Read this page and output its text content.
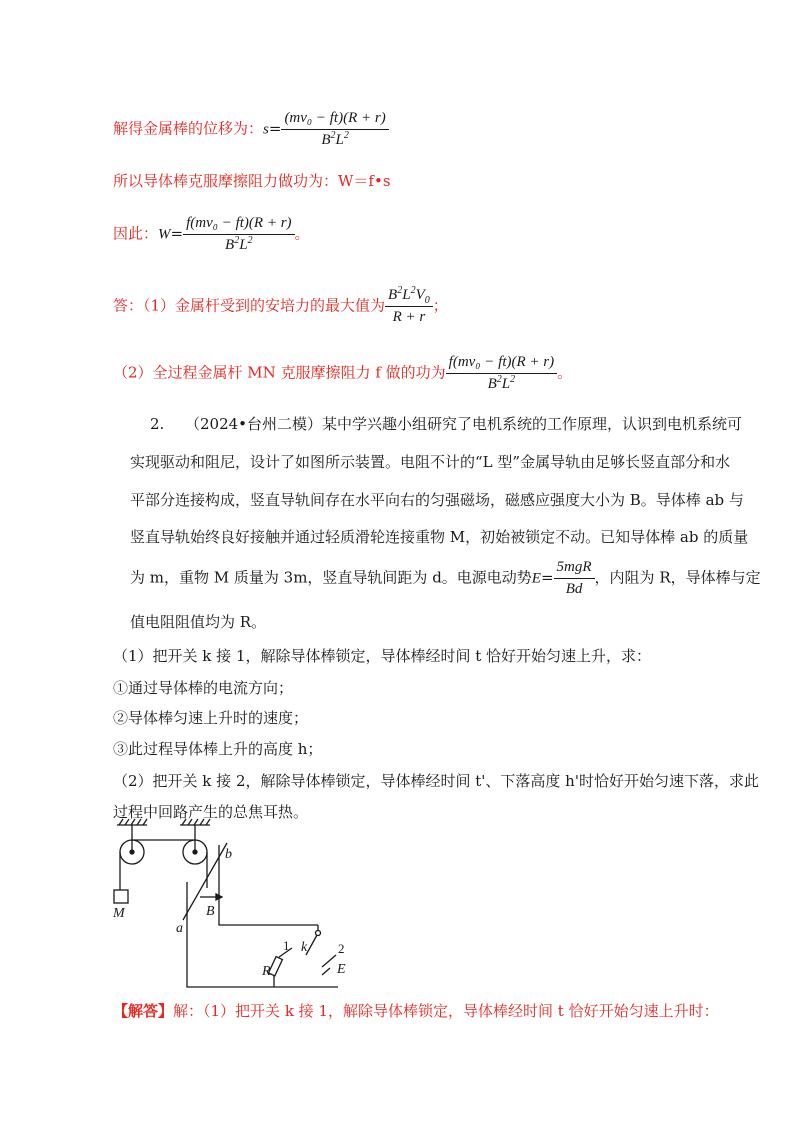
解得金属棒的位移为：$s= \frac{\text{(mv₀ − ft)(R + r)}}{B^2L^2}$
所以导体棒克服摩擦阻力做功为：W＝f•s
因此：$W= \frac{\text{f(mv₀ − ft)(R + r)}}{B^2L^2}$ 。
答：（1）金属杆受到的安培力的最大值为 $\frac{B^2L^2V_0}{R + r}$ ；
（2）全过程金属杆 MN 克服摩擦阻力 f 做的功为 $\frac{\text{f(mv₀ − ft)(R + r)}}{B^2L^2}$ 。
2. （2024•台州二模）某中学兴趣小组研究了电机系统的工作原理，认识到电机系统可
实现驱动和阻尼，设计了如图所示装置。电阻不计的“L 型”金属导轨由足够长竖直部分和水
平部分连接构成，竖直导轨间存在水平向右的匀强磁场，磁感应强度大小为 B。导体棒 ab 与
竖直导轨始终良好接触并通过轻质滑轮连接重物 M，初始被锁定不动。已知导体棒 ab 的质量
为 m，重物 M 质量为 3m，竖直导轨间距为 d。电源电动势$E= \frac{\text{5mgR}}{Bd}$ ，内阻为 R，导体棒与定
值电阻阻值均为 R。
（1）把开关 k 接 1，解除导体棒锁定，导体棒经时间 t 恰好开始匀速上升，求：
①通过导体棒的电流方向；
②导体棒匀速上升时的速度；
③此过程导体棒上升的高度 h；
（2）把开关 k 接 2，解除导体棒锁定，导体棒经时间 t'、下落高度 h'时恰好开始匀速下落，求此
过程中回路产生的总焦耳热。
b
a
B
M
k
R	E
1	2
【解答】解：（1）把开关 k 接 1，解除导体棒锁定，导体棒经时间 t 恰好开始匀速上升时：
